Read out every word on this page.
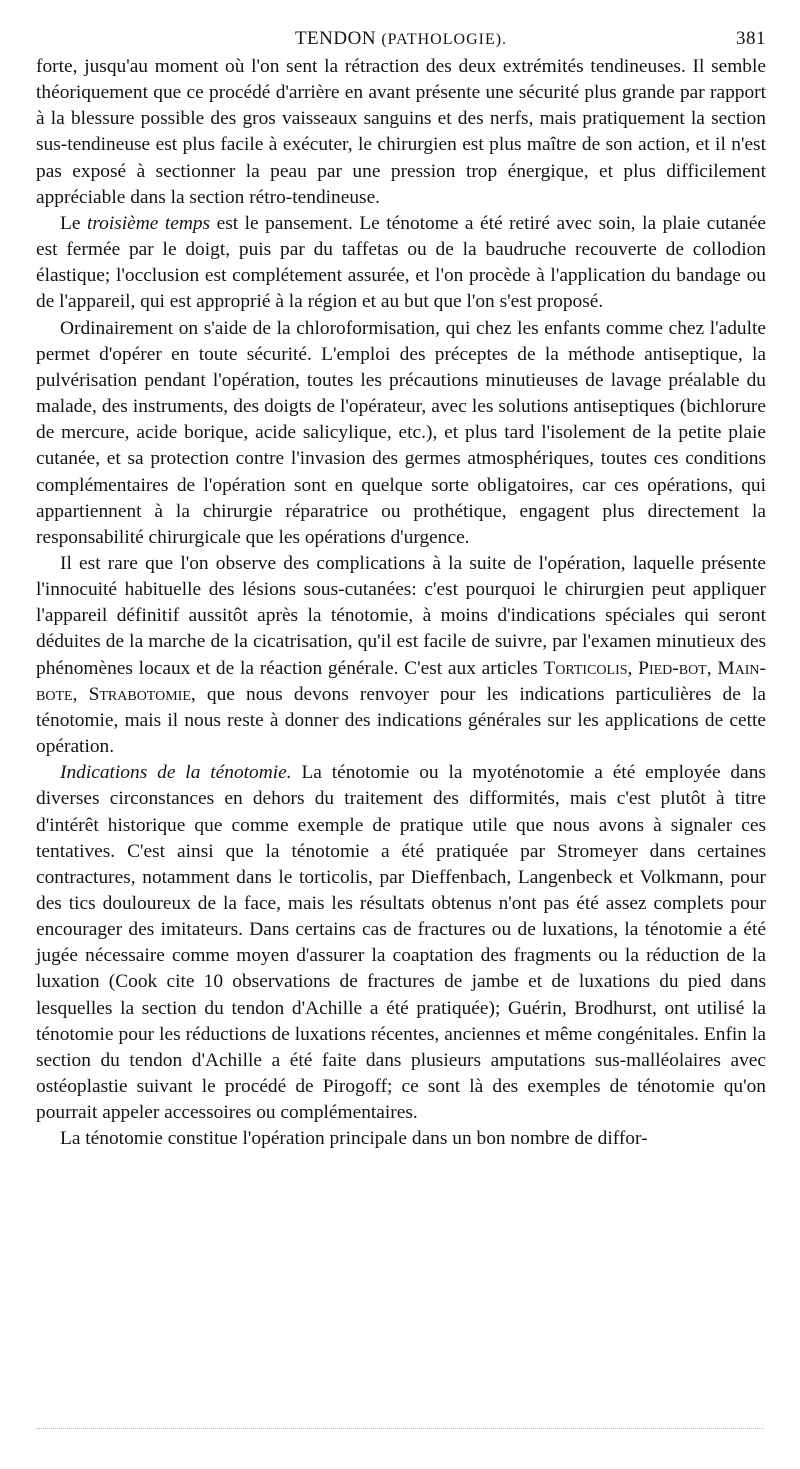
TENDON (PATHOLOGIE).	381

forte, jusqu'au moment où l'on sent la rétraction des deux extrémités tendineuses. Il semble théoriquement que ce procédé d'arrière en avant présente une sécurité plus grande par rapport à la blessure possible des gros vaisseaux sanguins et des nerfs, mais pratiquement la section sus-tendineuse est plus facile à exécuter, le chirurgien est plus maître de son action, et il n'est pas exposé à sectionner la peau par une pression trop énergique, et plus difficilement appréciable dans la section rétro-tendineuse.

Le troisième temps est le pansement. Le ténotome a été retiré avec soin, la plaie cutanée est fermée par le doigt, puis par du taffetas ou de la baudruche recouverte de collodion élastique; l'occlusion est complétement assurée, et l'on procède à l'application du bandage ou de l'appareil, qui est approprié à la région et au but que l'on s'est proposé.

Ordinairement on s'aide de la chloroformisation, qui chez les enfants comme chez l'adulte permet d'opérer en toute sécurité. L'emploi des préceptes de la méthode antiseptique, la pulvérisation pendant l'opération, toutes les précautions minutieuses de lavage préalable du malade, des instruments, des doigts de l'opérateur, avec les solutions antiseptiques (bichlorure de mercure, acide borique, acide salicylique, etc.), et plus tard l'isolement de la petite plaie cutanée, et sa protection contre l'invasion des germes atmosphériques, toutes ces conditions complémentaires de l'opération sont en quelque sorte obligatoires, car ces opérations, qui appartiennent à la chirurgie réparatrice ou prothétique, engagent plus directement la responsabilité chirurgicale que les opérations d'urgence.

Il est rare que l'on observe des complications à la suite de l'opération, laquelle présente l'innocuité habituelle des lésions sous-cutanées: c'est pourquoi le chirurgien peut appliquer l'appareil définitif aussitôt après la ténotomie, à moins d'indications spéciales qui seront déduites de la marche de la cicatrisation, qu'il est facile de suivre, par l'examen minutieux des phénomènes locaux et de la réaction générale. C'est aux articles Torticolis, Pied-bot, Main-bote, Strabotomie, que nous devons renvoyer pour les indications particulières de la ténotomie, mais il nous reste à donner des indications générales sur les applications de cette opération.

Indications de la ténotomie. La ténotomie ou la myoténotomie a été employée dans diverses circonstances en dehors du traitement des difformités, mais c'est plutôt à titre d'intérêt historique que comme exemple de pratique utile que nous avons à signaler ces tentatives. C'est ainsi que la ténotomie a été pratiquée par Stromeyer dans certaines contractures, notamment dans le torticolis, par Dieffenbach, Langenbeck et Volkmann, pour des tics douloureux de la face, mais les résultats obtenus n'ont pas été assez complets pour encourager des imitateurs. Dans certains cas de fractures ou de luxations, la ténotomie a été jugée nécessaire comme moyen d'assurer la coaptation des fragments ou la réduction de la luxation (Cook cite 10 observations de fractures de jambe et de luxations du pied dans lesquelles la section du tendon d'Achille a été pratiquée); Guérin, Brodhurst, ont utilisé la ténotomie pour les réductions de luxations récentes, anciennes et même congénitales. Enfin la section du tendon d'Achille a été faite dans plusieurs amputations sus-malléolaires avec ostéoplastie suivant le procédé de Pirogoff; ce sont là des exemples de ténotomie qu'on pourrait appeler accessoires ou complémentaires.

La ténotomie constitue l'opération principale dans un bon nombre de diffor-
